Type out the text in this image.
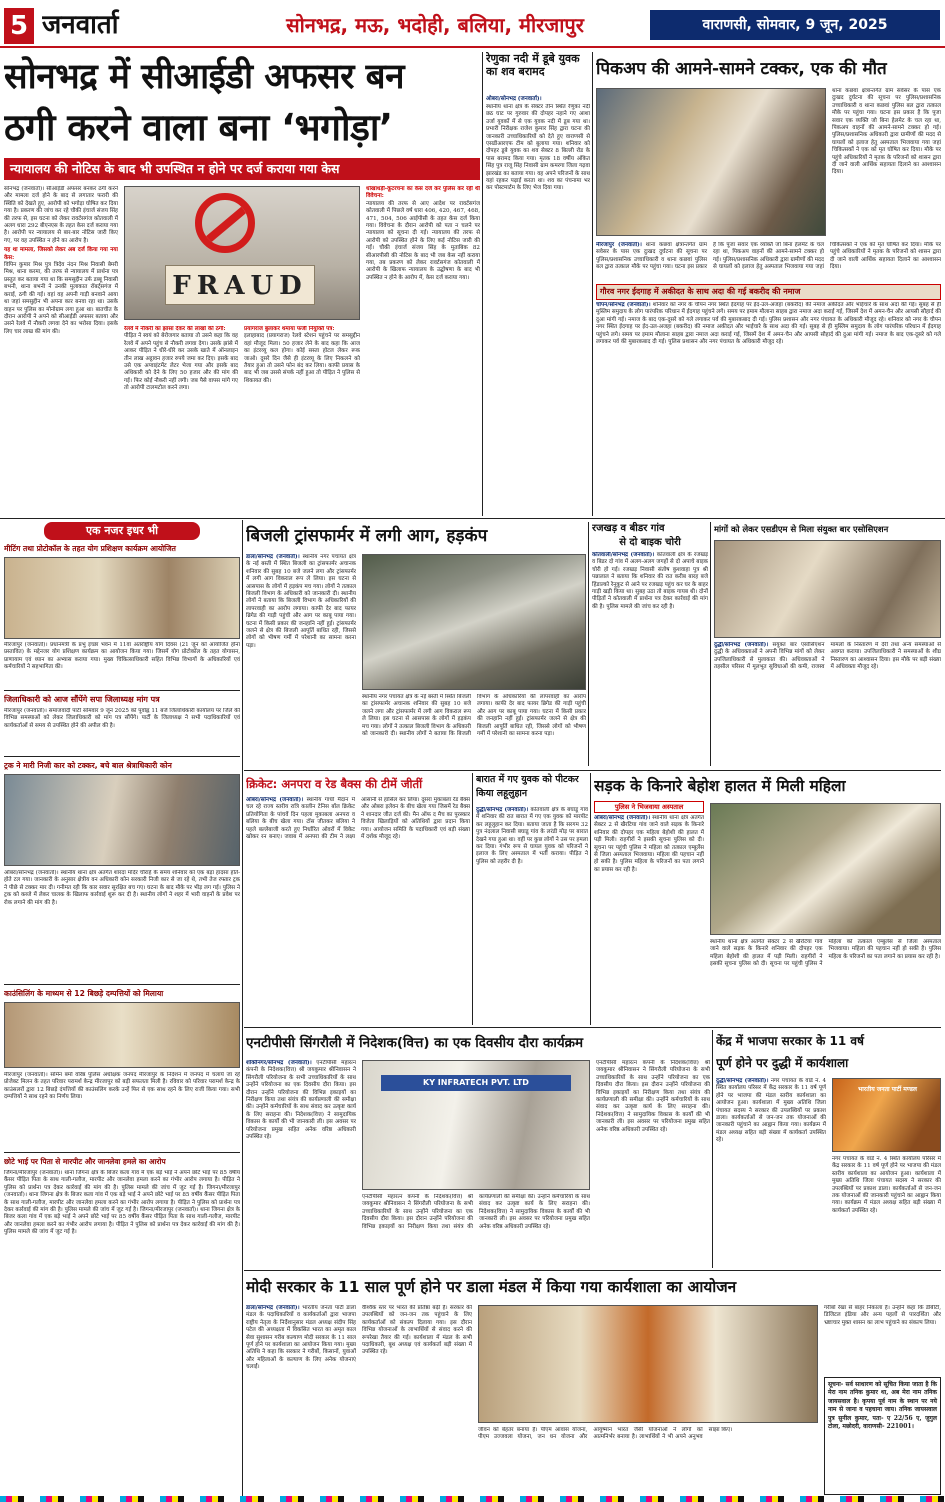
5 जनवार्ता	सोनभद्र, मऊ, भदोही, बलिया, मीरजापुर	वाराणसी, सोमवार, 9 जून, 2025
सोनभद्र में सीआईडी अफसर बन
ठगी करने वाला बना ‘भगोड़ा’
न्यायालय की नोटिस के बाद भी उपस्थित न होने पर दर्ज कराया गया केस
सोनभद्र (जनवार्ता)। सीआईडी अफसर बनकर ठगी करने और मामला दर्ज होने के बाद से लगातार फरारी की स्थिति को देखते हुए, आरोपी को भगोड़ा घोषित कर दिया गया है। प्रकरण की जांच कर रहे चौकी इंचार्ज संजय सिंह की तरफ से, इस घटना को लेकर रावर्टसगंज कोतवाली में अलग धारा 292 बीएनएस के तहत केस दर्ज कराया गया है। आरोपी पर न्यायालय से बार-बार नोटिस जारी किए गए, पर वह उपस्थित न होने का आरोप है।
यह था मामला, जिसको लेकर अब दर्ज किया गया नया केस:
विपिन कुमार मिश्र पुत्र त्रिदेव नंदन मिश्र निवासी बेमरी मिश्र, थाना करमा, की तरफ से न्यायालय में प्रार्थना पत्र प्रस्तुत कर बताया गया था कि समसुद्दीन उर्फ डब्बू निवासी बभनी, थाना बभनी ने उनकी मुलाकात रॉबर्ट्सगंज में कराई, ठगी की गई। वहां वह अपनी गाड़ी बनवाने आया था जहां समसुद्दीन भी अपना कार बनवा रहा था। उसके वाहन पर पुलिस का मोनोग्राम लगा हुआ था। बातचीत के दौरान आरोपी ने अपने को सीआईडी अफसर बताया और उसने रेलवे में नौकरी लगवा देने का भरोसा दिया। इसके लिए चार लाख की मांग की।
FRAUD
रेलवे में नौकरी का झांसा देकर की लाखों की ठगी:
पीड़ित ने स्वयं को बेरोजगार बताया तो उसने कहा कि वह रेलवे में अपने पहुंच से नौकरी लगवा देगा। उसके झांसे में आकर पीड़ित ने धीरे-धीरे कर उसके खाते में ऑनलाइन तीन लाख अट्ठावन हजार रुपये जमा कर दिए। इसके बाद उसे एक अप्वाइंटमेंट लेटर भेजा गया और इसके बाद अधिकारी को देने के लिए 50 हजार और की मांग की गई। फिर कोई नौकरी नहीं लगी। जब पैसे वापस मांगे गए तो आरोपी टालमटोल करने लगा।
प्रयागराज बुलाकर थमाया फर्जी नियुक्ति पत्र:
इलाहाबाद (प्रयागराज) रेलवे स्टेशन पहुंचने पर समसुद्दीन वहां मौजूद मिला। 50 हजार लेने के बाद कहा कि आज का इंटरव्यू कल होगा। कोई सस्ता होटल लेकर रूक जाओ। दूसरे दिन जैसे ही इंटरव्यू के लिए निकलने को तैयार हुआ तो उसने फोन बंद कर लिया। काफी प्रयास के बाद भी जब उससे संपर्क नहीं हुआ तो पीड़ित ने पुलिस से शिकायत की।
धोखाधड़ी-कूटरचना का केस दर्ज कर पुलिस कर रही थी विवेचना:
न्यायालय की तरफ से आए आदेश पर रावर्टसगंज कोतवाली में पिछले वर्ष धारा 406, 420, 467, 468, 471, 504, 506 आईपीसी के तहत केस दर्ज किया गया। विवेचना के दौरान आरोपी को पता न चलने पर न्यायालय को सूचना दी गई। न्यायालय की तरफ से आरोपी को उपस्थित होने के लिए कई नोटिस जारी की गईं। चौकी इंचार्ज संजय सिंह के मुताबिक 82 सीआरपीसी की नोटिस के बाद भी जब केस नहीं कराया गया, तब प्रकरण को लेकर रावर्टसगंज कोतवाली में आरोपी के खिलाफ न्यायालय के उद्घोषणा के बाद भी उपस्थित न होने के आरोप में, केस दर्ज कराया गया।
रेणुका नदी में डूबे युवक का शव बरामद
ओबरा/सोनभद्र (जनवार्ता)।
स्थानीय थाना क्षेत्र के सेक्टर तीन स्थित रेणुका नदी छठ घाट पर गुरुवार की दोपहर नहाने गए आशा उर्जा युवकों में से एक युवक नदी में डूब गया था। प्रभारी निरीक्षक राजेश कुमार सिंह द्वारा घटना की जानकारी उच्चाधिकारियों को देते हुए वाराणसी से एसडीआरएफ टीम को बुलाया गया। शनिवार को दोपहर डूबे युवक का शव सेक्टर 8 बिल्ली रोड के पास बरामद किया गया। मृतक 18 वर्षीय अंकित सिंह पुत्र राजू सिंह निवासी ग्राम कमरगा जिला गढ़वा झारखंड का बताया गया। वह अपने परिजनों के साथ यहां रहकर पढ़ाई करता था। शव का पंचनामा भर कर पोस्टमार्टम के लिए भेज दिया गया।
पिकअप की आमने-सामने टक्कर, एक की मौत
मीरजापुर (जनवार्ता)। थाना कछवां क्षेत्रान्तर्गत ग्राम सवेसर के पास एक दुःखद दुर्घटना की सूचना पर पुलिस/प्रशासनिक उच्चाधिकारी व थाना कछवां पुलिस बल द्वारा तत्काल मौके पर पहुंचा गया। घटना इस प्रकार है कि पूजा सवार एक व्यक्ति जो बिना हेलमेट के चल रहा था, पिकअप वाहनों की आमने-सामने टक्कर हो गई। पुलिस/प्रशासनिक अधिकारी द्वारा ग्रामीणों की मदद से घायलों को इलाज हेतु अस्पताल भिजवाया गया जहां चिकित्सकों ने एक को मृत घोषित कर दिया। मौके पर पहुंचे अधिकारियों ने मृतक के परिजनों को शासन द्वारा दी जाने वाली आर्थिक सहायता दिलाने का आश्वासन दिया।
थाना कछवां क्षेत्रान्तर्गत ग्राम सवेसर के पास एक दुःखद दुर्घटना की सूचना पर पुलिस/प्रशासनिक उच्चाधिकारी व थाना कछवां पुलिस बल द्वारा तत्काल मौके पर पहुंचा गया। घटना इस प्रकार है कि पूजा सवार एक व्यक्ति जो बिना हेलमेट के चल रहा था, पिकअप वाहनों की आमने-सामने टक्कर हो गई। पुलिस/प्रशासनिक अधिकारी द्वारा ग्रामीणों की मदद से घायलों को इलाज हेतु अस्पताल भिजवाया गया जहां चिकित्सकों ने एक को मृत घोषित कर दिया। मौके पर पहुंचे अधिकारियों ने मृतक के परिजनों को शासन द्वारा दी जाने वाली आर्थिक सहायता दिलाने का आश्वासन दिया।
गौरव नगर ईदगाह में अकीदत के साथ अदा की गई बकरीद की नमाज
चोपन/सोनभद्र (जनवार्ता)। शनिवार को नगर के चौपन नगर स्थित ईदगाह पर ईद-उल-अजहा (बकरीद) की नमाज अकीदत और भाईचारे के साथ अदा की गई। सुबह से ही मुस्लिम समुदाय के लोग पारंपरिक परिधान में ईदगाह पहुंचने लगे। समय पर इमाम मौलाना साहब द्वारा नमाज अदा कराई गई, जिसमें देश में अमन-चैन और आपसी सौहार्द की दुआ मांगी गई। नमाज के बाद एक-दूसरे को गले लगाकर पर्व की मुबारकबाद दी गई। पुलिस प्रशासन और नगर पंचायत के अधिकारी मौजूद रहे। शनिवार को नगर के चौपन नगर स्थित ईदगाह पर ईद-उल-अजहा (बकरीद) की नमाज अकीदत और भाईचारे के साथ अदा की गई। सुबह से ही मुस्लिम समुदाय के लोग पारंपरिक परिधान में ईदगाह पहुंचने लगे। समय पर इमाम मौलाना साहब द्वारा नमाज अदा कराई गई, जिसमें देश में अमन-चैन और आपसी सौहार्द की दुआ मांगी गई। नमाज के बाद एक-दूसरे को गले लगाकर पर्व की मुबारकबाद दी गई। पुलिस प्रशासन और नगर पंचायत के अधिकारी मौजूद रहे।
एक नजर इधर भी
मीटिंग तथा प्रोटोकॉल के तहत योग प्रशिक्षण कार्यक्रम आयोजित
मीरजापुर (जनवार्ता)। प्रधानमंत्री के प्रभु इच्छा भवन में 11वां अंतर्राष्ट्रीय योग दिवस (21 जून को आयोजित होना प्रस्तावित) के मद्देनजर योग प्रशिक्षण कार्यक्रम का आयोजन किया गया। जिसमें योग प्रोटोकॉल के तहत योगासन, प्राणायाम एवं ध्यान का अभ्यास कराया गया। मुख्य चिकित्साधिकारी सहित विभिन्न विभागों के अधिकारियों एवं कर्मचारियों ने सहभागिता की।
जिलाधिकारी को आज सौंपेंगे सपा जिलाध्यक्ष मांग पत्र
मीरजापुर (जनवार्ता)। समाजवादी पार्टी सोमवार 9 जून 2025 को पूर्वाह्न 11 बजे जिलाधिकारी कार्यालय पर जिले की विभिन्न समस्याओं को लेकर जिलाधिकारी को मांग पत्र सौंपेंगे। पार्टी के जिलाध्यक्ष ने सभी पदाधिकारियों एवं कार्यकर्ताओं से समय से उपस्थित होने की अपील की है।
ट्रक ने मारी निजी कार को टक्कर, बचे बाल श्रेत्राधिकारी कोन
ओबरा/सोनभद्र (जनवार्ता)। स्थानीय थाना क्षेत्र अंतर्गत शारदा मंदिर चौराहे के समय शनिवार को एक बड़ा हादसा होते-होते टल गया। जानकारी के अनुसार क्षेत्रीय वन अधिकारी कोन सरकारी निजी कार से जा रहे थे, तभी तेज रफ्तार ट्रक ने पीछे से टक्कर मार दी। गनीमत रही कि कार सवार सुरक्षित बच गए। घटना के बाद मौके पर भीड़ लग गई। पुलिस ने ट्रक को कब्जे में लेकर चालक के खिलाफ कार्रवाई शुरू कर दी है। स्थानीय लोगों ने शहर में भारी वाहनों के प्रवेश पर रोक लगाने की मांग की है।
काउंसिलिंग के माध्यम से 12 बिछड़े दम्पत्तियों को मिलाया
मीरजापुर (जनवार्ता)। सोमेन बर्मा वरिष्ठ पुलिस अधीक्षक जनपद मीरजापुर के निर्देशन में जनपद में चलाये जा रहे प्रोजेक्ट मिलन के तहत परिवार परामर्श केन्द्र मीरजापुर को बड़ी सफलता मिली है। रविवार को परिवार परामर्श केन्द्र के काउंसलरों द्वारा 12 बिछड़े दंपत्तियों की काउंसलिंग करके उन्हें फिर से एक साथ रहने के लिए राजी किया गया। सभी दम्पत्तियों ने साथ रहने का निर्णय लिया।
छोटे भाई पर पिता से मारपीट और जानलेवा हमले का आरोप
जिगना/मीरजापुर (जनवार्ता)। थाना जिगना क्षेत्र के बिजर कला गांव में एक बड़े भाई ने अपने छोटे भाई पर 85 वर्षीय कैंसर पीड़ित पिता के साथ गाली-गलौज, मारपीट और जानलेवा हमला करने का गंभीर आरोप लगाया है। पीड़ित ने पुलिस को प्रार्थना पत्र देकर कार्रवाई की मांग की है। पुलिस मामले की जांच में जुट गई है। जिगना/मीरजापुर (जनवार्ता)। थाना जिगना क्षेत्र के बिजर कला गांव में एक बड़े भाई ने अपने छोटे भाई पर 85 वर्षीय कैंसर पीड़ित पिता के साथ गाली-गलौज, मारपीट और जानलेवा हमला करने का गंभीर आरोप लगाया है। पीड़ित ने पुलिस को प्रार्थना पत्र देकर कार्रवाई की मांग की है। पुलिस मामले की जांच में जुट गई है। जिगना/मीरजापुर (जनवार्ता)। थाना जिगना क्षेत्र के बिजर कला गांव में एक बड़े भाई ने अपने छोटे भाई पर 85 वर्षीय कैंसर पीड़ित पिता के साथ गाली-गलौज, मारपीट और जानलेवा हमला करने का गंभीर आरोप लगाया है। पीड़ित ने पुलिस को प्रार्थना पत्र देकर कार्रवाई की मांग की है। पुलिस मामले की जांच में जुट गई है।
बिजली ट्रांसफार्मर में लगी आग, हड़कंप
डाला/सोनभद्र (जनवार्ता)। स्थानीय नगर पंचायत क्षेत्र के नई बस्ती में स्थित बिजली का ट्रांसफार्मर अचानक शनिवार की सुबह 10 बजे जलने लगा और ट्रांसफार्मर में लगी आग विकराल रूप ले लिया। इस घटना से आसपास के लोगों में हड़कंप मच गया। लोगों ने तत्काल बिजली विभाग के अधिकारी को जानकारी दी। स्थानीय लोगों ने बताया कि बिजली विभाग के अधिकारियों की लापरवाही का आरोप लगाया। काफी देर बाद फायर ब्रिगेड की गाड़ी पहुंची और आग पर काबू पाया गया। घटना में किसी प्रकार की जनहानि नहीं हुई। ट्रांसफार्मर जलने से क्षेत्र की बिजली आपूर्ति बाधित रही, जिससे लोगों को भीषण गर्मी में परेशानी का सामना करना पड़ा।
स्थानीय नगर पंचायत क्षेत्र के नई बस्ती में स्थित बिजली का ट्रांसफार्मर अचानक शनिवार की सुबह 10 बजे जलने लगा और ट्रांसफार्मर में लगी आग विकराल रूप ले लिया। इस घटना से आसपास के लोगों में हड़कंप मच गया। लोगों ने तत्काल बिजली विभाग के अधिकारी को जानकारी दी। स्थानीय लोगों ने बताया कि बिजली विभाग के अधिकारियों की लापरवाही का आरोप लगाया। काफी देर बाद फायर ब्रिगेड की गाड़ी पहुंची और आग पर काबू पाया गया। घटना में किसी प्रकार की जनहानि नहीं हुई। ट्रांसफार्मर जलने से क्षेत्र की बिजली आपूर्ति बाधित रही, जिससे लोगों को भीषण गर्मी में परेशानी का सामना करना पड़ा।
रजखड़ व बीडर गांव
से दो बाइक चोरी
कोतवाली/सोनभद्र (जनवार्ता)। कोतवाली क्षेत्र के रजखड़ व बिडर दो गांव में अलग-अलग जगहों से दो अपाचे बाइक चोरी हो गई। रजखड़ निवासी संतोष कुशवाहा पुत्र श्री पन्नालाल ने बताया कि शनिवार की रात करीब बारह बजे हिंडाल्को रेनूकूट से आने पर रजखड़ पहुंच कर घर के बाहर गाड़ी खड़ी किया था। सुबह उठा तो बाइक गायब थी। दोनों पीड़ितों ने कोतवाली में प्रार्थना पत्र देकर कार्रवाई की मांग की है। पुलिस मामले की जांच कर रही है।
मांगों को लेकर एसडीएम से मिला संयुक्त बार एसोसिएशन
दुद्धी/सोनभद्र (जनवार्ता)। संयुक्त बार एसोसिएशन दुद्धी के अधिवक्ताओं ने अपनी विभिन्न मांगों को लेकर उपजिलाधिकारी से मुलाकात की। अधिवक्ताओं ने तहसील परिसर में मूलभूत सुविधाओं की कमी, राजस्व मामलों के निस्तारण में देरी तथा अन्य समस्याओं से अवगत कराया। उपजिलाधिकारी ने समस्याओं के शीघ्र निस्तारण का आश्वासन दिया। इस मौके पर बड़ी संख्या में अधिवक्ता मौजूद रहे।
क्रिकेट: अनपरा व रेड बैक्स की टीमें जीतीं
ओबरा/सोनभद्र (जनवार्ता)। स्थानीय गांधी मैदान में चल रहे राज्य स्तरीय रात्रि कालीन टेनिस बॉल क्रिकेट प्रतियोगिता के पांचवें दिन पहला मुकाबला अनपरा व बलिया के बीच खेला गया। टॉस जीतकर बलिया ने पहले बल्लेबाजी करते हुए निर्धारित ओवरों में विकेट खोकर रन बनाए। जवाब में अनपरा की टीम ने लक्ष्य आसानी से हासिल कर लिया। दूसरा मुकाबला रेड बैक्स और ओबरा इलेवन के बीच खेला गया जिसमें रेड बैक्स ने शानदार जीत दर्ज की। मैन ऑफ द मैच का पुरस्कार विजेता खिलाड़ियों को अतिथियों द्वारा प्रदान किया गया। आयोजन समिति के पदाधिकारी एवं बड़ी संख्या में दर्शक मौजूद रहे।
बारात में गए युवक को पीटकर किया लहूलुहान
दुद्धी/सोनभद्र (जनवार्ता)। कोतवाली क्षेत्र के बघाडू गांव में शनिवार की रात बारात में गए एक युवक को मारपीट कर लहूलुहान कर दिया। बताया जाता है कि सरगम 32 पुत्र नंदलाल निवासी बघाडू गांव के लरंडी मोड़ पर बारात देखने गया हुआ था। वहीं पर कुछ लोगों ने उस पर हमला कर दिया। गंभीर रूप से घायल युवक को परिजनों ने इलाज के लिए अस्पताल में भर्ती कराया। पीड़ित ने पुलिस को तहरीर दी है।
सड़क के किनारे बेहोश हालत में मिली महिला
पुलिस ने भिजवाया अस्पताल
ओबरा/सोनभद्र (जनवार्ता)। स्थानीय थाना क्षेत्र अंतर्गत सेक्टर 2 से खैरटिया गांव जाने वाले सड़क के किनारे शनिवार की दोपहर एक महिला बेहोशी की हालत में पड़ी मिली। राहगीरों ने इसकी सूचना पुलिस को दी। सूचना पर पहुंची पुलिस ने महिला को तत्काल एम्बुलेंस से जिला अस्पताल भिजवाया। महिला की पहचान नहीं हो सकी है। पुलिस महिला के परिजनों का पता लगाने का प्रयास कर रही है।
स्थानीय थाना क्षेत्र अंतर्गत सेक्टर 2 से खैरटिया गांव जाने वाले सड़क के किनारे शनिवार की दोपहर एक महिला बेहोशी की हालत में पड़ी मिली। राहगीरों ने इसकी सूचना पुलिस को दी। सूचना पर पहुंची पुलिस ने महिला को तत्काल एम्बुलेंस से जिला अस्पताल भिजवाया। महिला की पहचान नहीं हो सकी है। पुलिस महिला के परिजनों का पता लगाने का प्रयास कर रही है।
एनटीपीसी सिंगरौली में निदेशक(वित्त) का एक दिवसीय दौरा कार्यक्रम
शक्तिनगर/सोनभद्र (जनवार्ता)। एनटीपीसी महारत्न कंपनी के निदेशक(वित्त) श्री जयकुमार श्रीनिवासन ने सिंगरौली परियोजना के सभी उच्चाधिकारियों के साथ उन्होंने परियोजना का एक दिवसीय दौरा किया। इस दौरान उन्होंने परियोजना की विभिन्न इकाइयों का निरीक्षण किया तथा संयंत्र की कार्यप्रणाली की समीक्षा की। उन्होंने कर्मचारियों के साथ संवाद कर उत्कृष्ट कार्य के लिए सराहना की। निदेशक(वित्त) ने सामुदायिक विकास के कार्यों की भी जानकारी ली। इस अवसर पर परियोजना प्रमुख सहित अनेक वरिष्ठ अधिकारी उपस्थित रहे।
KY INFRATECH PVT. LTD
एनटीपीसी महारत्न कंपनी के निदेशक(वित्त) श्री जयकुमार श्रीनिवासन ने सिंगरौली परियोजना के सभी उच्चाधिकारियों के साथ उन्होंने परियोजना का एक दिवसीय दौरा किया। इस दौरान उन्होंने परियोजना की विभिन्न इकाइयों का निरीक्षण किया तथा संयंत्र की कार्यप्रणाली की समीक्षा की। उन्होंने कर्मचारियों के साथ संवाद कर उत्कृष्ट कार्य के लिए सराहना की। निदेशक(वित्त) ने सामुदायिक विकास के कार्यों की भी जानकारी ली। इस अवसर पर परियोजना प्रमुख सहित अनेक वरिष्ठ अधिकारी उपस्थित रहे।
एनटीपीसी महारत्न कंपनी के निदेशक(वित्त) श्री जयकुमार श्रीनिवासन ने सिंगरौली परियोजना के सभी उच्चाधिकारियों के साथ उन्होंने परियोजना का एक दिवसीय दौरा किया। इस दौरान उन्होंने परियोजना की विभिन्न इकाइयों का निरीक्षण किया तथा संयंत्र की कार्यप्रणाली की समीक्षा की। उन्होंने कर्मचारियों के साथ संवाद कर उत्कृष्ट कार्य के लिए सराहना की। निदेशक(वित्त) ने सामुदायिक विकास के कार्यों की भी जानकारी ली। इस अवसर पर परियोजना प्रमुख सहित अनेक वरिष्ठ अधिकारी उपस्थित रहे।
केंद्र में भाजपा सरकार के 11 वर्ष
पूर्ण होने पर दुद्धी में कार्यशाला
दुद्धी/सोनभद्र (जनवार्ता)। नगर पंचायत के वार्ड नं. 4 स्थित कार्यालय परिसर में केंद्र सरकार के 11 वर्ष पूर्ण होने पर भाजपा की मंडल स्तरीय कार्यशाला का आयोजन हुआ। कार्यशाला में मुख्य अतिथि जिला पंचायत सदस्य ने सरकार की उपलब्धियों पर प्रकाश डाला। कार्यकर्ताओं से जन-जन तक योजनाओं की जानकारी पहुंचाने का आह्वान किया गया। कार्यक्रम में मंडल अध्यक्ष सहित बड़ी संख्या में कार्यकर्ता उपस्थित रहे।
भारतीय जनता पार्टी मण्डल
नगर पंचायत के वार्ड नं. 4 स्थित कार्यालय परिसर में केंद्र सरकार के 11 वर्ष पूर्ण होने पर भाजपा की मंडल स्तरीय कार्यशाला का आयोजन हुआ। कार्यशाला में मुख्य अतिथि जिला पंचायत सदस्य ने सरकार की उपलब्धियों पर प्रकाश डाला। कार्यकर्ताओं से जन-जन तक योजनाओं की जानकारी पहुंचाने का आह्वान किया गया। कार्यक्रम में मंडल अध्यक्ष सहित बड़ी संख्या में कार्यकर्ता उपस्थित रहे।
मोदी सरकार के 11 साल पूर्ण होने पर डाला मंडल में किया गया कार्यशाला का आयोजन
डाला/सोनभद्र (जनवार्ता)। भारतीय जनता पार्टी डाला मंडल के पदाधिकारियों व कार्यकर्ताओं द्वारा भाजपा राष्ट्रीय नेतृत्व के निर्देशानुसार मंडल अध्यक्ष संदीप सिंह पटेल की अध्यक्षता में विकसित भारत का अमृत काल सेवा सुशासन गरीब कल्याण मोदी सरकार के 11 साल पूर्ण होने पर कार्यशाला का आयोजन किया गया। मुख्य अतिथि ने कहा कि सरकार ने गरीबों, किसानों, युवाओं और महिलाओं के कल्याण के लिए अनेक योजनाएं चलाईं।
वैश्विक स्तर पर भारत की प्रतिष्ठा बढ़ी है। सरकार की उपलब्धियों को जन-जन तक पहुंचाने के लिए कार्यकर्ताओं को संकल्प दिलाया गया। इस दौरान विभिन्न योजनाओं के लाभार्थियों से संवाद करने की रूपरेखा तैयार की गई। कार्यशाला में मंडल के सभी पदाधिकारी, बूथ अध्यक्ष एवं कार्यकर्ता बड़ी संख्या में उपस्थित रहे।
जीवन को बेहतर बनाया है। पीएम आवास योजना, पीएम उज्जवला योजना, जन धन योजना और आयुष्मान भारत जैसी योजनाओं ने लोगों को आत्मनिर्भर बनाया है। लाभार्थियों ने भी अपने अनुभव साझा किए।
गरीबों रेखा से बाहर निकाला है। उन्होंने कहा कि डीबीटी, डिजिटल इंडिया और अन्य पहलों से पारदर्शिता और भ्रष्टाचार मुक्त शासन का लाभ पहुंचाने का संकल्प लिया।
सूचना- सर्व साधारण को सूचित किया जाता है कि मेरा नाम तनिक कुमार था, अब मेरा नाम तनिक जायसवाल है। कृपया पूर्व नाम के स्थान पर नये नाम से जाना व पहचाना जाय। तनिक जायसवाल पुत्र सुनील कुमार, पता- ए 22/56 ए, जुगुल टोला, मछोदरी, वाराणसी- 221001।
